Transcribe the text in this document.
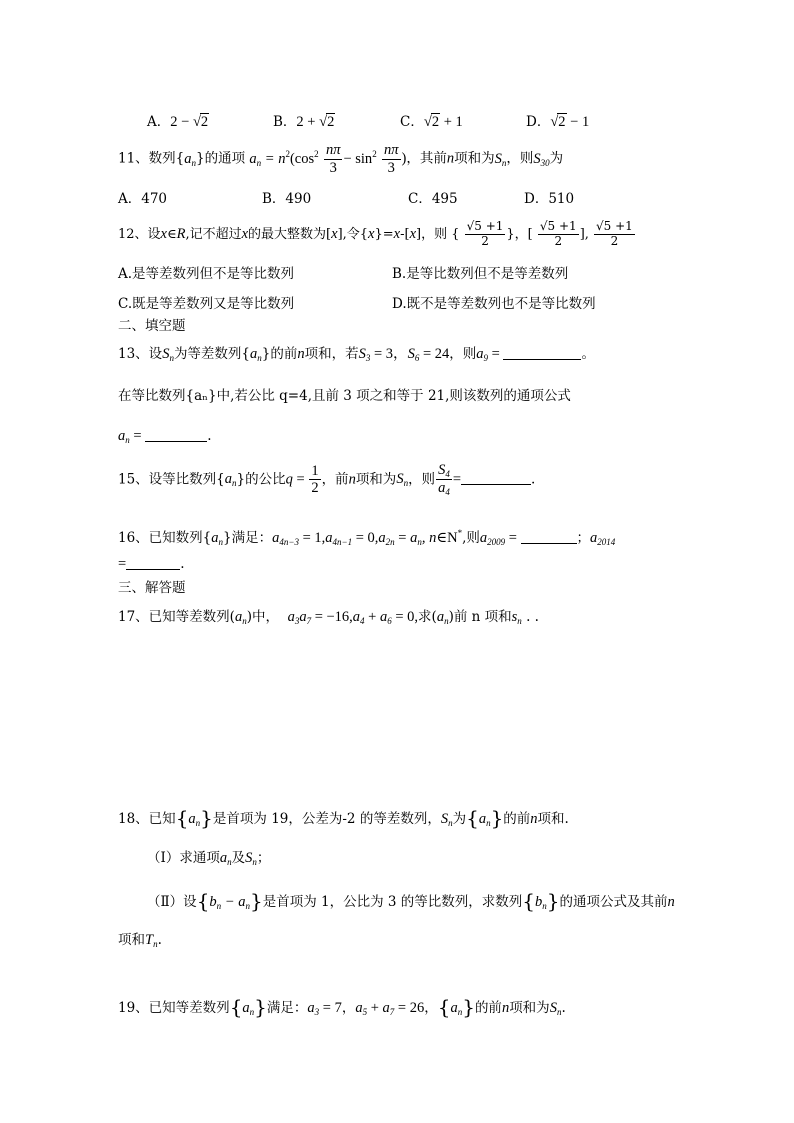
A．2 − √2	B．2 + √2	C．√2 + 1	D．√2 − 1
11、数列$\{a_n\}$的通项 $a_n = n^2(\cos^2 \frac{n\pi}{3} - \sin^2 \frac{n\pi}{3}$ )，其前n项和为$S_n$，则$S_{30}$为
A．470	B．490	C．495	D．510
12、设x∈R,记不超过x的最大整数为[x],令{x}=x-[x]，则 { $\frac{√5 +1}{2}$ }，[ $\frac{√5 +1}{2}$ ], $\frac{√5 +1}{2}$
A.是等差数列但不是等比数列	B.是等比数列但不是等差数列
C.既是等差数列又是等比数列	D.既不是等差数列也不是等比数列
二、填空题
13、设$S_n$为等差数列$\{a_n\}$的前n项和，若$S_3 = 3$，$S_6 = 24$，则$a_9$ =	。
在等比数列{aₙ}中,若公比 q=4,且前 3 项之和等于 21,则该数列的通项公式
$a_n$ =	.
15、设等比数列$\{a_n\}$的公比$q = \frac{1}{2}$ ，前n项和为$S_n$，则 $\frac{S_4}{a_4}$ =	.
16、已知数列$\{a_n\}$满足：$a_{4n-3} = 1,a_{4n-1} = 0,a_{2n} = a_n$, n∈N*,则$a_{2009}$ =	；$a_{2014}$
=	.
三、解答题
17、已知等差数列$(a_n)$中，  $a_3a_7 = -16,a_4 + a_6 = 0$,求$(a_n)$前 n 项和$s_n$ . .
18、已知$\{a_n\}$是首项为 19，公差为-2 的等差数列，$S_n$为$\{a_n\}$的前n项和.
（Ⅰ）求通项$a_n$及$S_n$；
（Ⅱ）设$\{b_n - a_n\}$是首项为 1，公比为 3 的等比数列，求数列$\{b_n\}$的通项公式及其前n
项和$T_n$.
19、已知等差数列$\{a_n\}$满足：$a_3 = 7$，$a_5 + a_7 = 26$，$\{a_n\}$的前n项和为$S_n$.
